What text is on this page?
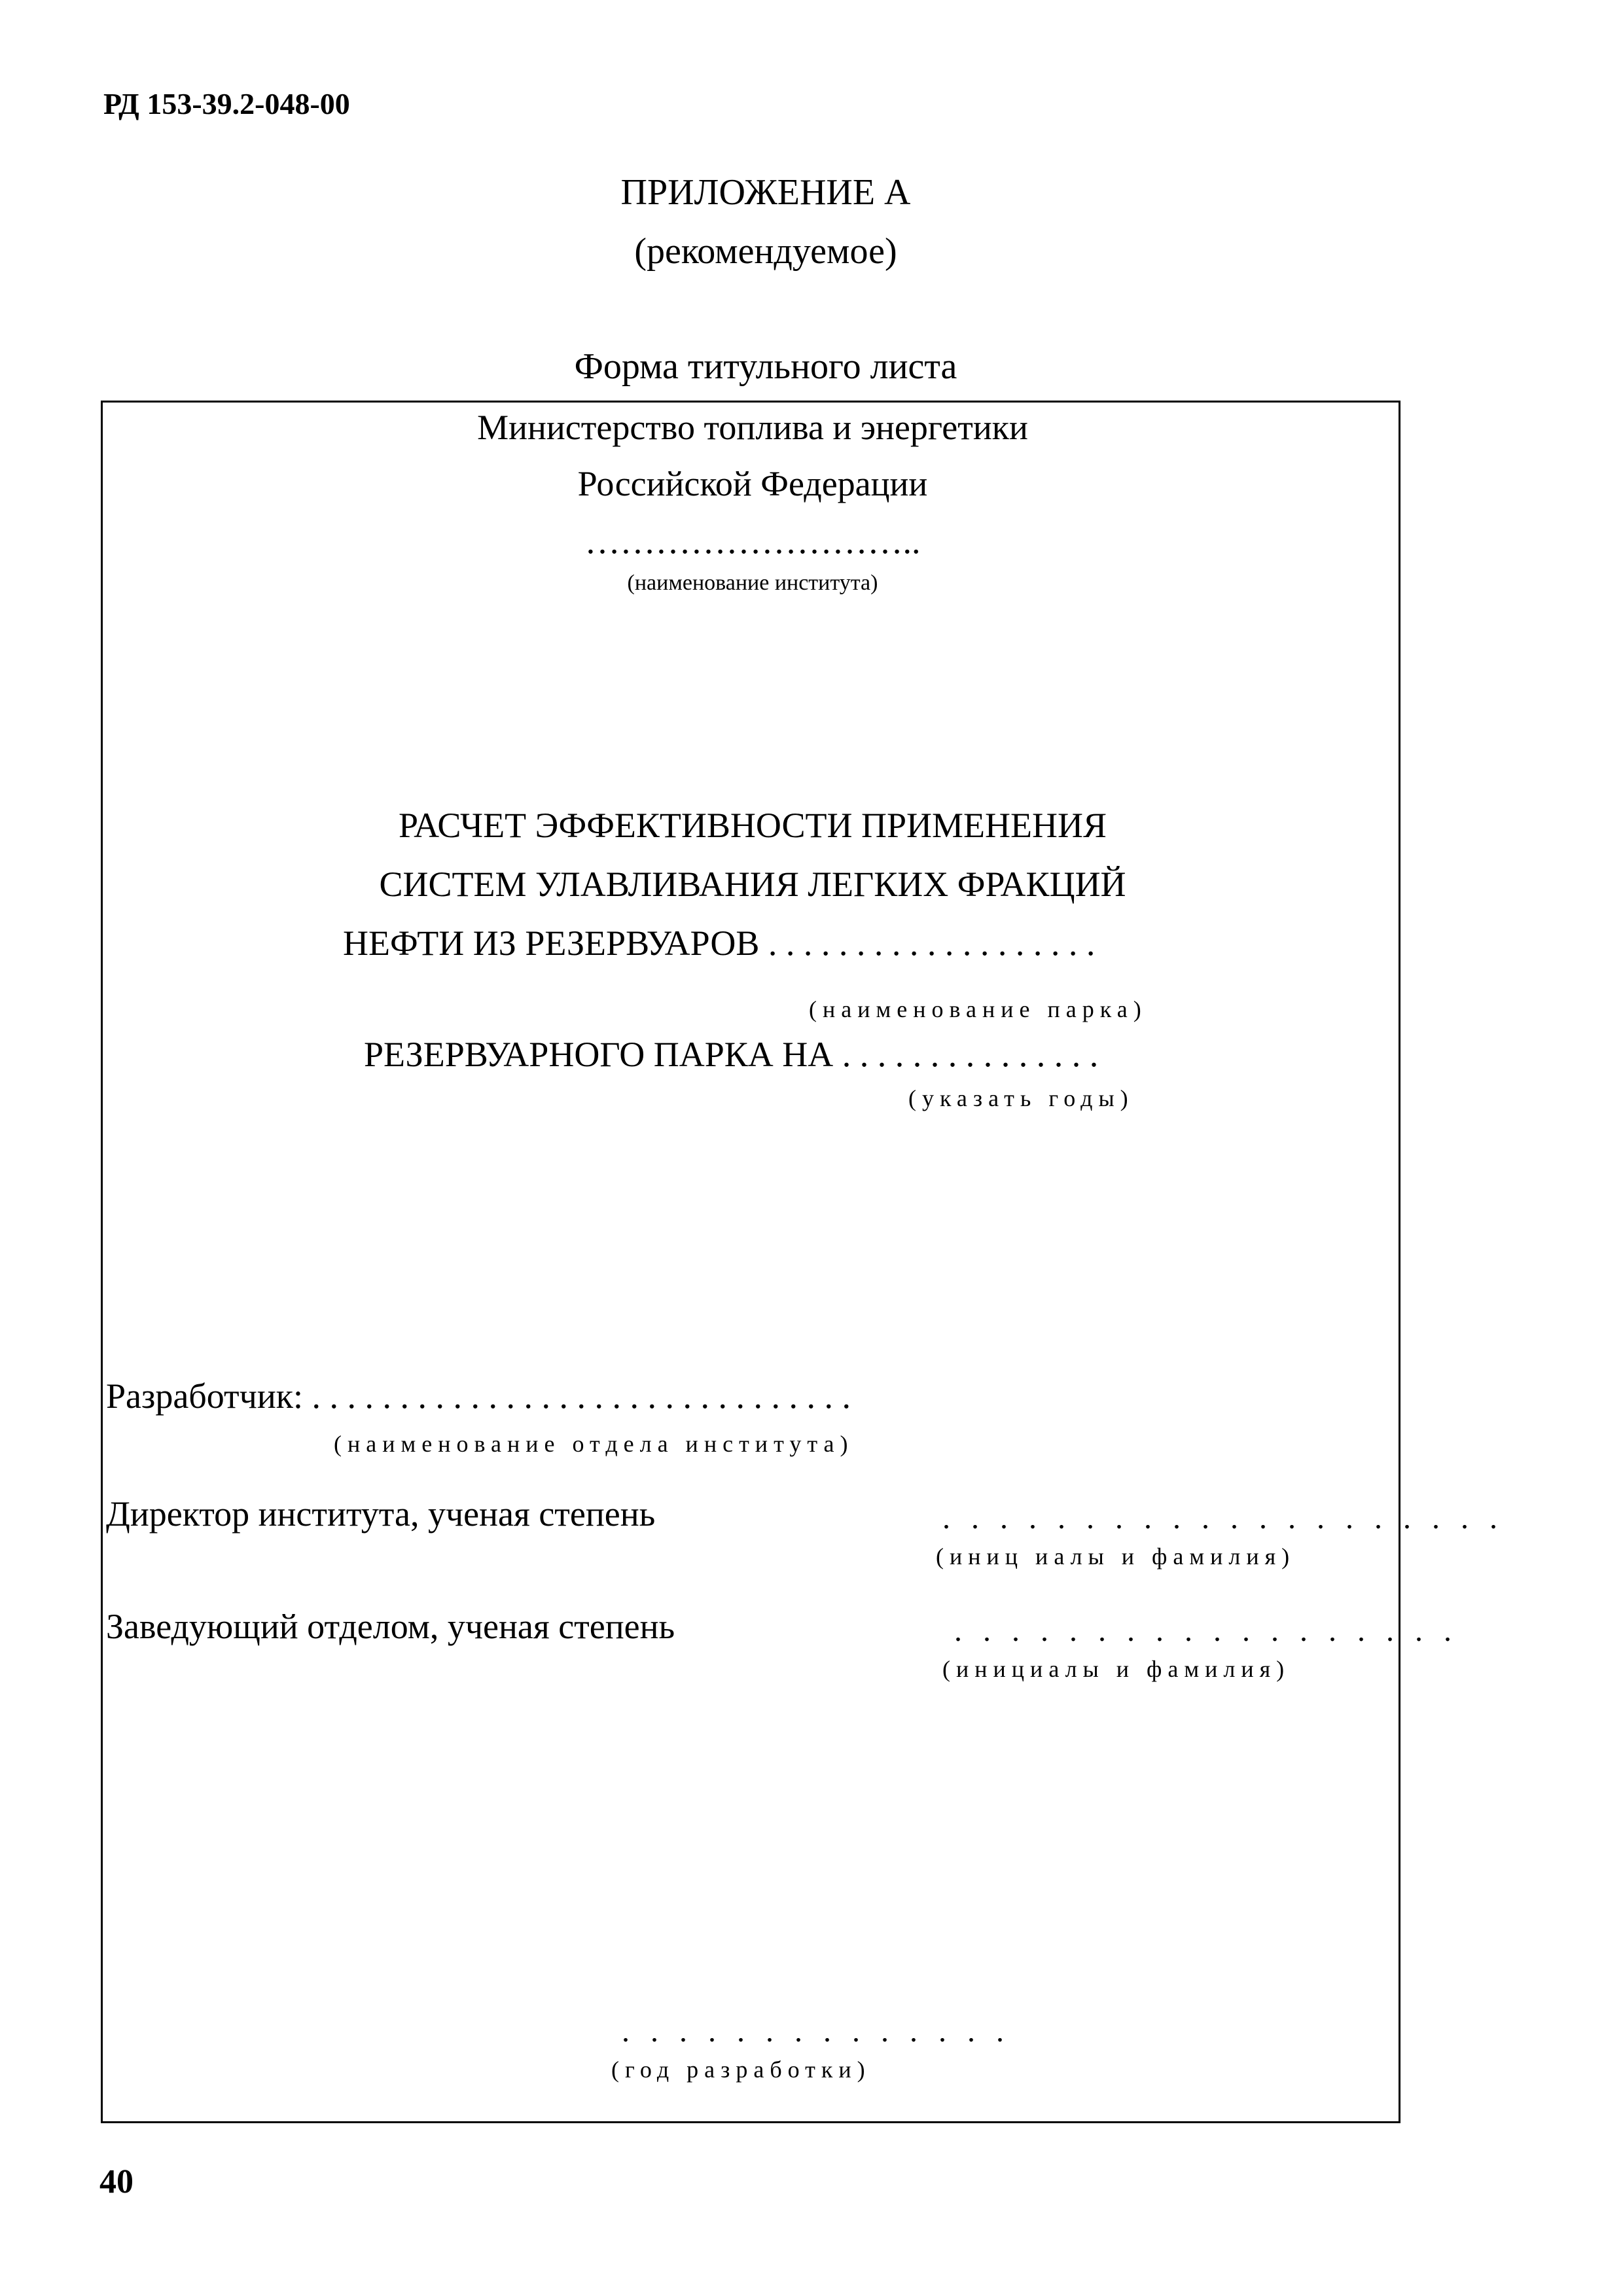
РД 153-39.2-048-00
ПРИЛОЖЕНИЕ А
(рекомендуемое)
Форма титульного листа
Министерство топлива и энергетики
Российской Федерации
………………………..
(наименование института)
РАСЧЕТ ЭФФЕКТИВНОСТИ ПРИМЕНЕНИЯ
СИСТЕМ УЛАВЛИВАНИЯ ЛЕГКИХ ФРАКЦИЙ
НЕФТИ ИЗ РЕЗЕРВУАРОВ . . . . . . . . . . . . . . . . . . .
(наименование парка)
РЕЗЕРВУАРНОГО ПАРКА НА . . . . . . . . . . . . . . .
(указать годы)
Разработчик: . . . . . . . . . . . . . . . . . . . . . . . . . . . . . . .
(наименование отдела института)
Директор института, ученая степень	. . . . . . . . . . . . . . . . . . . .
(иниц иалы и фамилия)
Заведующий отделом, ученая степень	. . . . . . . . . . . . . . . . . .
(инициалы и фамилия)
. . . . . . . . . . . . . .
(год разработки)
40
